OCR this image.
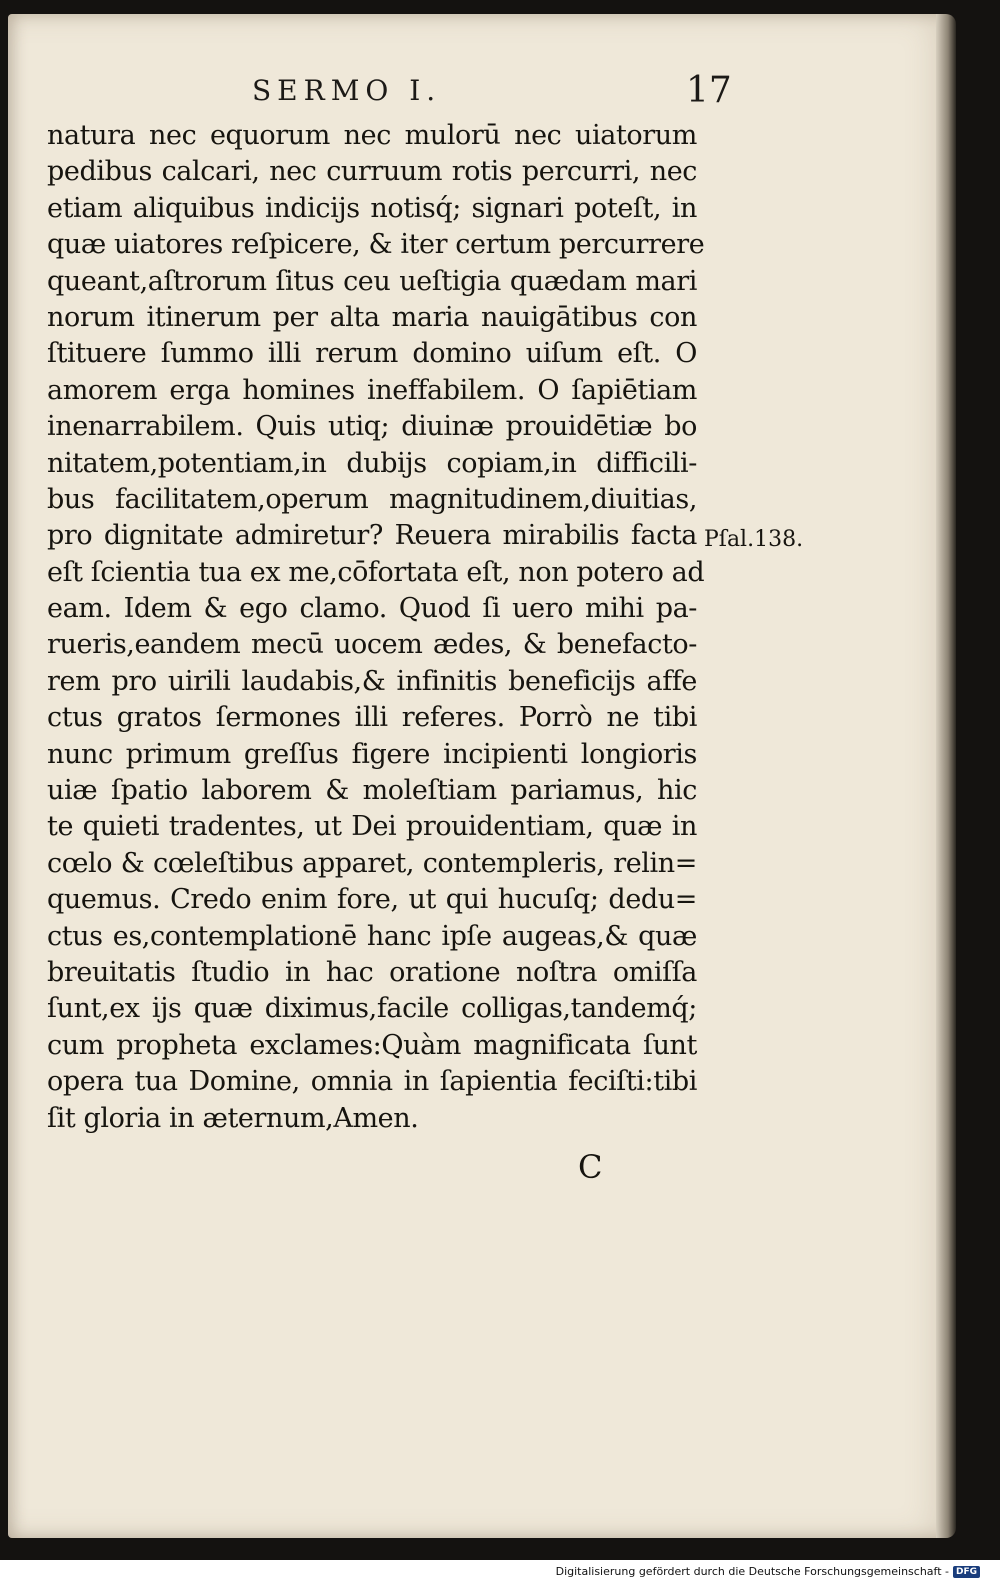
SERMO I.	17
natura nec equorum nec mulorū nec uiatorum
pedibus calcari, nec curruum rotis percurri, nec
etiam aliquibus indicijs notisq́; signari poteſt, in
quæ uiatores reſpicere, & iter certum percurrere
queant,aſtrorum ſitus ceu ueſtigia quædam mari
norum itinerum per alta maria nauigātibus con
ſtituere ſummo illi rerum domino uiſum eſt. O
amorem erga homines ineffabilem. O ſapiētiam
inenarrabilem. Quis utiq; diuinæ prouidētiæ bo
nitatem,potentiam,in dubijs copiam,in difficili-
bus facilitatem,operum magnitudinem,diuitias,
pro dignitate admiretur? Reuera mirabilis facta
eſt ſcientia tua ex me,cōfortata eſt, non potero ad
eam. Idem & ego clamo. Quod ſi uero mihi pa-
rueris,eandem mecū uocem ædes, & benefacto-
rem pro uirili laudabis,& infinitis beneficijs affe
ctus gratos ſermones illi referes. Porrò ne tibi
nunc primum greſſus figere incipienti longioris
uiæ ſpatio laborem & moleſtiam pariamus, hic
te quieti tradentes, ut Dei prouidentiam, quæ in
cœlo & cœleſtibus apparet, contempleris, relin=
quemus. Credo enim fore, ut qui hucuſq; dedu=
ctus es,contemplationē hanc ipſe augeas,& quæ
breuitatis ſtudio in hac oratione noſtra omiſſa
ſunt,ex ijs quæ diximus,facile colligas,tandemq́;
cum propheta exclames:Quàm magnificata ſunt
opera tua Domine, omnia in ſapientia feciſti:tibi
ſit gloria in æternum,Amen.
Pſal.138.
C
Digitalisierung gefördert durch die Deutsche Forschungsgemeinschaft - DFG
